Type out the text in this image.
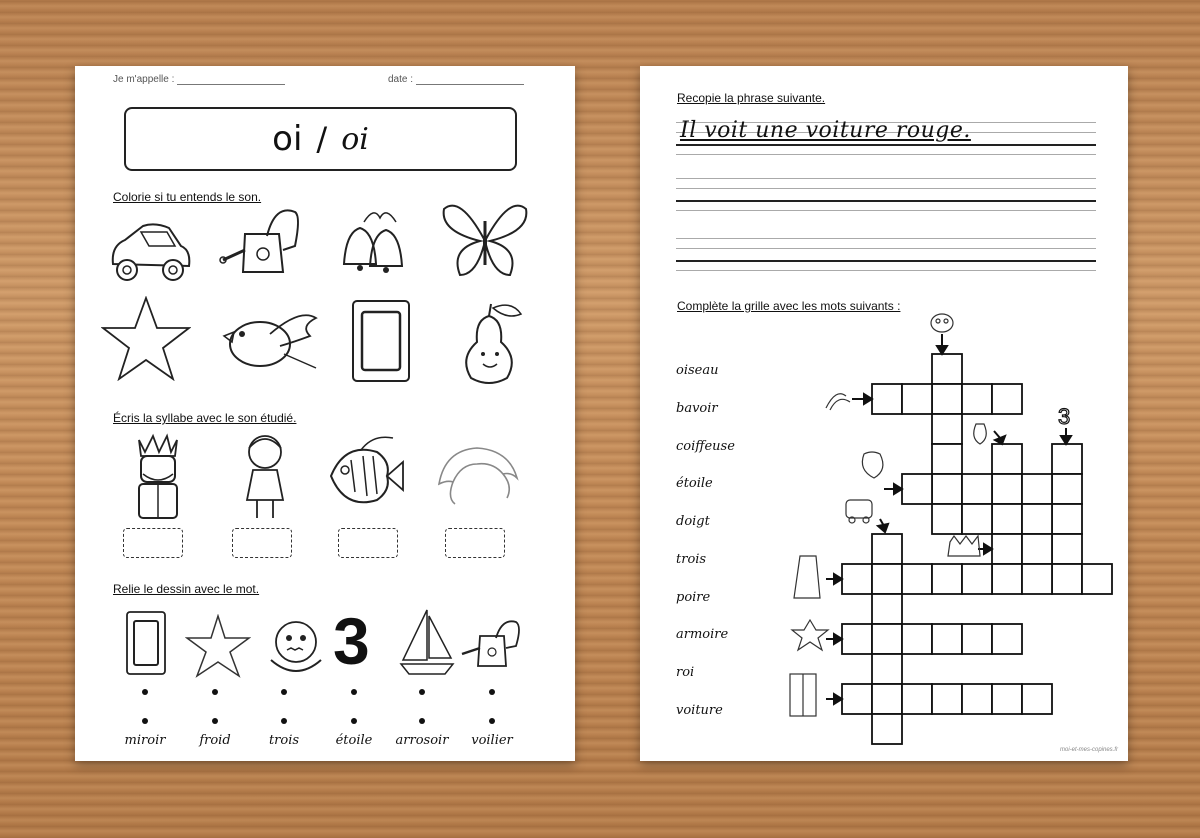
Je m'appelle :	date :
oi / oi
Colorie si tu entends le son.
Écris la syllabe avec le son étudié.
Relie le dessin avec le mot.
3
miroir	froid	trois	étoile	arrosoir	voilier
Recopie la phrase suivante.
Il voit une voiture rouge.
Complète la grille avec les mots suivants :
oiseau
bavoir
coiffeuse
étoile
doigt
trois
poire
armoire
roi
voiture
3
moi-et-mes-copines.fr
